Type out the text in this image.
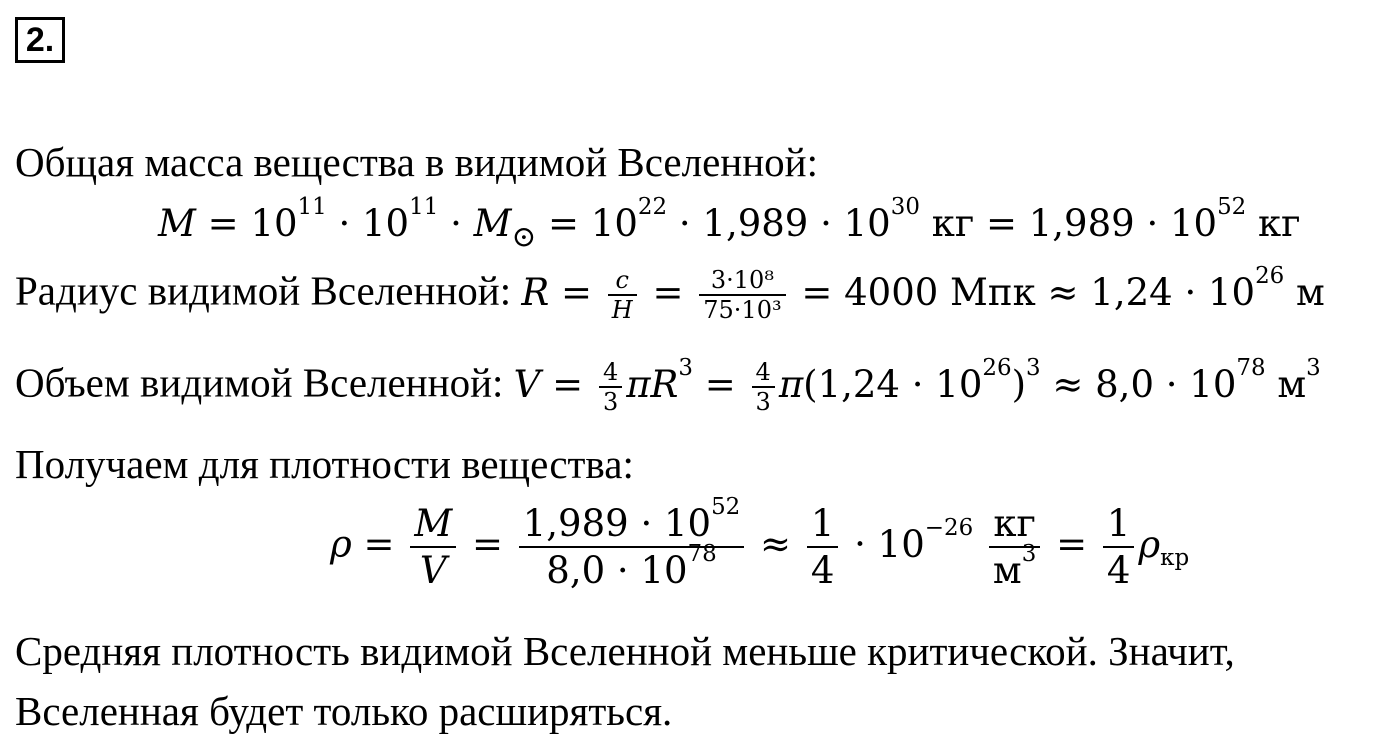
2.
Общая масса вещества в видимой Вселенной:
$M = 10^{11} \cdot 10^{11} \cdot M_⊙ = 10^{22} \cdot 1,989 \cdot 10^{30}$ кг = $1,989 \cdot 10^{52}$ кг
Радиус видимой Вселенной: $R = \frac{c}{H} = \frac{\text{3·10⁸}}{\text{75·10³}} = 4000$ Мпк ≈ $1,24 \cdot 10^{26}$ м
Объем видимой Вселенной: $V = \frac{4}{3} \pi R^3 = \frac{4}{3} \pi(1,24 \cdot 10^{26})^3 \approx 8,0 \cdot 10^{78}$ $м^3$
Получаем для плотности вещества:
$\rho = \frac{M}{V} = \frac{1,989 \cdot 10^{52}}{8,0 \cdot 10^{78}} \approx \frac{1}{4} \cdot 10^{-26} \frac{кг}{м^3} = \frac{1}{4} \rho_{кр}$
Средняя плотность видимой Вселенной меньше критической. Значит,
Вселенная будет только расширяться.
